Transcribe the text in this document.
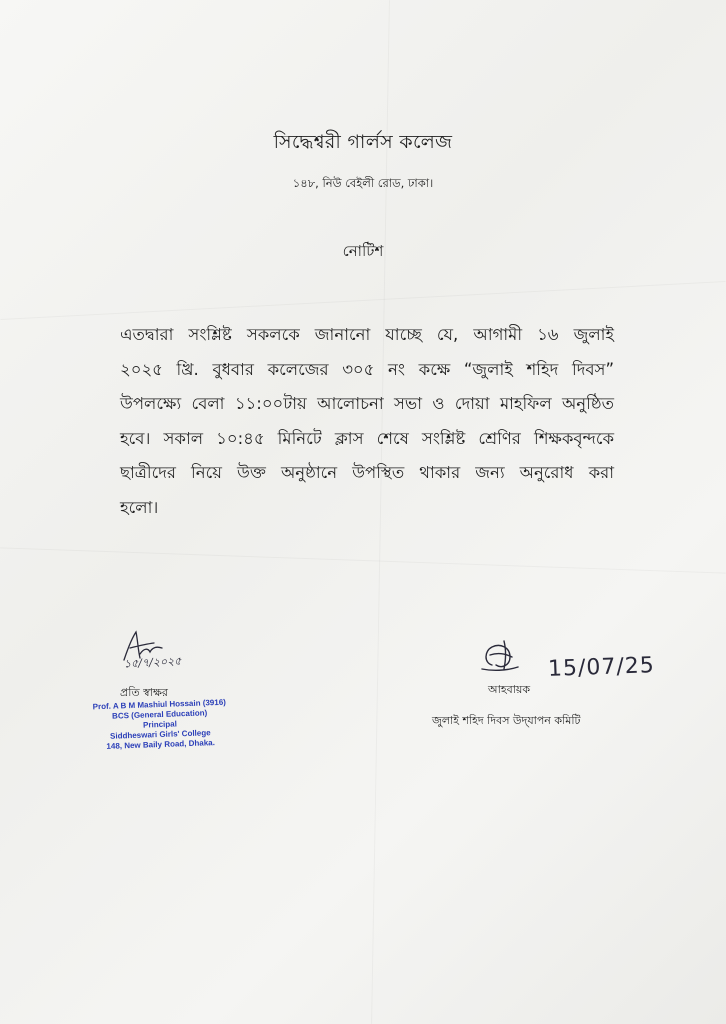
সিদ্ধেশ্বরী গার্লস কলেজ
১৪৮, নিউ বেইলী রোড, ঢাকা।
নোটিশ
এতদ্বারা সংশ্লিষ্ট সকলকে জানানো যাচ্ছে যে, আগামী ১৬ জুলাই
২০২৫ খ্রি. বুধবার কলেজের ৩০৫ নং কক্ষে “জুলাই শহিদ দিবস”
উপলক্ষ্যে বেলা ১১:০০টায় আলোচনা সভা ও দোয়া মাহফিল অনুষ্ঠিত
হবে। সকাল ১০:৪৫ মিনিটে ক্লাস শেষে সংশ্লিষ্ট শ্রেণির শিক্ষকবৃন্দকে
ছাত্রীদের নিয়ে উক্ত অনুষ্ঠানে উপস্থিত থাকার জন্য অনুরোধ করা
হলো।
১৫/৭/২০২৫
প্রতি স্বাক্ষর
Prof. A B M Mashiul Hossain (3916)
BCS (General Education)
Principal
Siddheswari Girls' College
148, New Baily Road, Dhaka.
15/07/25
আহবায়ক
জুলাই শহিদ দিবস উদ্‌যাপন কমিটি
